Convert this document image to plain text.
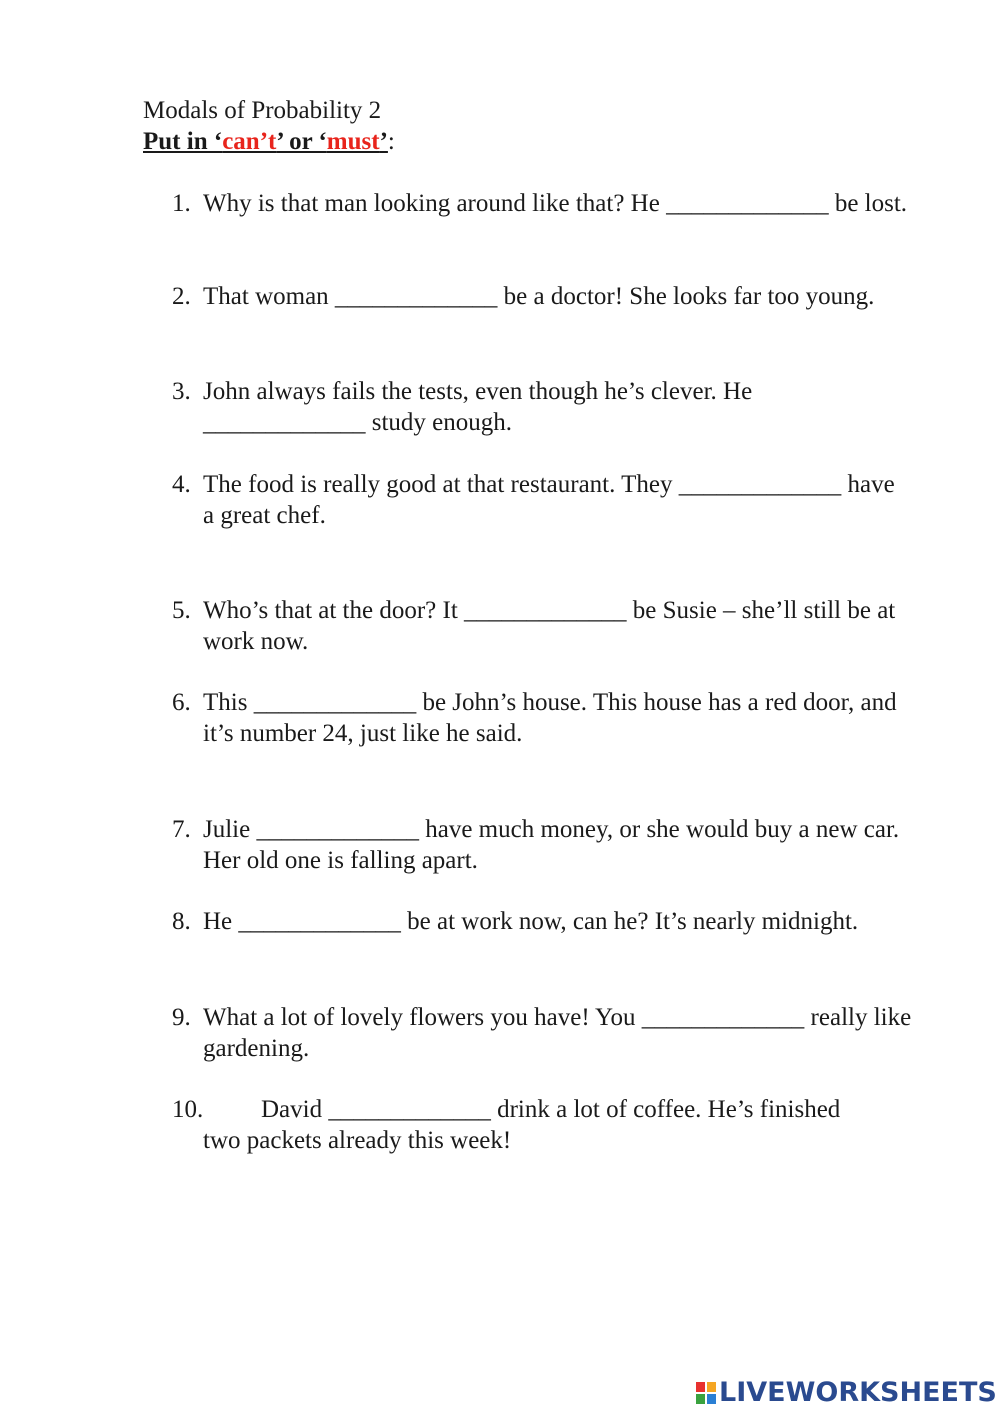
Modals of Probability 2
Put in ‘can’t’ or ‘must’:
1. Why is that man looking around like that? He _____________ be lost.
2. That woman _____________ be a doctor! She looks far too young.
3. John always fails the tests, even though he’s clever. He _____________ study enough.
4. The food is really good at that restaurant. They _____________ have a great chef.
5. Who’s that at the door? It _____________ be Susie – she’ll still be at work now.
6. This _____________ be John’s house. This house has a red door, and it’s number 24, just like he said.
7. Julie _____________ have much money, or she would buy a new car. Her old one is falling apart.
8. He _____________ be at work now, can he? It’s nearly midnight.
9. What a lot of lovely flowers you have! You _____________ really like gardening.
10.	David _____________ drink a lot of coffee. He’s finished
two packets already this week!
LIVEWORKSHEETS
